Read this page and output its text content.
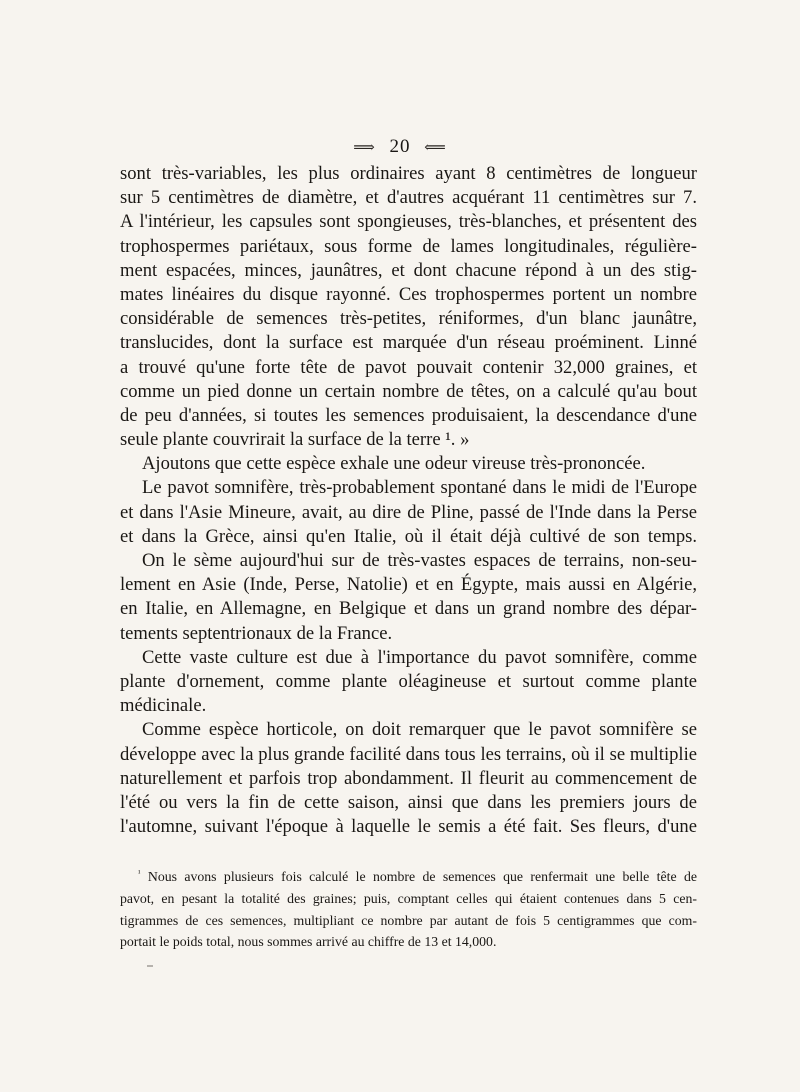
⟹ 20 ⟸
sont très-variables, les plus ordinaires ayant 8 centimètres de longueur
sur 5 centimètres de diamètre, et d'autres acquérant 11 centimètres sur 7.
A l'intérieur, les capsules sont spongieuses, très-blanches, et présentent des
trophospermes pariétaux, sous forme de lames longitudinales, régulière-
ment espacées, minces, jaunâtres, et dont chacune répond à un des stig-
mates linéaires du disque rayonné. Ces trophospermes portent un nombre
considérable de semences très-petites, réniformes, d'un blanc jaunâtre,
translucides, dont la surface est marquée d'un réseau proéminent. Linné
a trouvé qu'une forte tête de pavot pouvait contenir 32,000 graines, et
comme un pied donne un certain nombre de têtes, on a calculé qu'au bout
de peu d'années, si toutes les semences produisaient, la descendance d'une
seule plante couvrirait la surface de la terre ¹. »
Ajoutons que cette espèce exhale une odeur vireuse très-prononcée.
Le pavot somnifère, très-probablement spontané dans le midi de l'Europe
et dans l'Asie Mineure, avait, au dire de Pline, passé de l'Inde dans la Perse
et dans la Grèce, ainsi qu'en Italie, où il était déjà cultivé de son temps.
On le sème aujourd'hui sur de très-vastes espaces de terrains, non-seu-
lement en Asie (Inde, Perse, Natolie) et en Égypte, mais aussi en Algérie,
en Italie, en Allemagne, en Belgique et dans un grand nombre des dépar-
tements septentrionaux de la France.
Cette vaste culture est due à l'importance du pavot somnifère, comme
plante d'ornement, comme plante oléagineuse et surtout comme plante
médicinale.
Comme espèce horticole, on doit remarquer que le pavot somnifère se
développe avec la plus grande facilité dans tous les terrains, où il se multiplie
naturellement et parfois trop abondamment. Il fleurit au commencement de
l'été ou vers la fin de cette saison, ainsi que dans les premiers jours de
l'automne, suivant l'époque à laquelle le semis a été fait. Ses fleurs, d'une
$^{^1}$ Nous avons plusieurs fois calculé le nombre de semences que renfermait une belle tête de
pavot, en pesant la totalité des graines; puis, comptant celles qui étaient contenues dans 5 cen-
tigrammes de ces semences, multipliant ce nombre par autant de fois 5 centigrammes que com-
portait le poids total, nous sommes arrivé au chiffre de 13 et 14,000.
